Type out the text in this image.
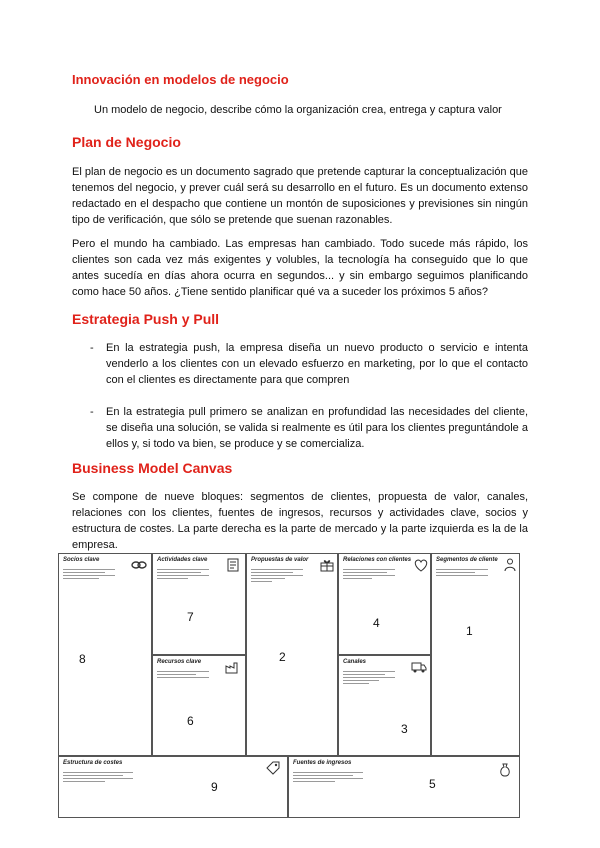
Innovación en modelos de negocio

Un modelo de negocio, describe cómo la organización crea, entrega y captura valor

Plan de Negocio

El plan de negocio es un documento sagrado que pretende capturar la conceptualización que tenemos del negocio, y prever cuál será su desarrollo en el futuro. Es un documento extenso redactado en el despacho que contiene un montón de suposiciones y previsiones sin ningún tipo de verificación, que sólo se pretende que suenan razonables.

Pero el mundo ha cambiado. Las empresas han cambiado. Todo sucede más rápido, los clientes son cada vez más exigentes y volubles, la tecnología ha conseguido que lo que antes sucedía en días ahora ocurra en segundos... y sin embargo seguimos planificando como hace 50 años. ¿Tiene sentido planificar qué va a suceder los próximos 5 años?

Estrategia Push y Pull
- En la estrategia push, la empresa diseña un nuevo producto o servicio e intenta venderlo a los clientes con un elevado esfuerzo en marketing, por lo que el contacto con el clientes es directamente para que compren
- En la estrategia pull primero se analizan en profundidad las necesidades del cliente, se diseña una solución, se valida si realmente es útil para los clientes preguntándole a ellos y, si todo va bien, se produce y se comercializa.
Business Model Canvas

Se compone de nueve bloques: segmentos de clientes, propuesta de valor, canales, relaciones con los clientes, fuentes de ingresos, recursos y actividades clave, socios y estructura de costes. La parte derecha es la parte de mercado y la parte izquierda es la de la empresa.

Socios clave
8
Actividades clave
7
Recursos clave
6
Propuestas de valor
2
Relaciones con clientes
4
Canales
3
Segmentos de cliente
1
Estructura de costes
9
Fuentes de ingresos
5
